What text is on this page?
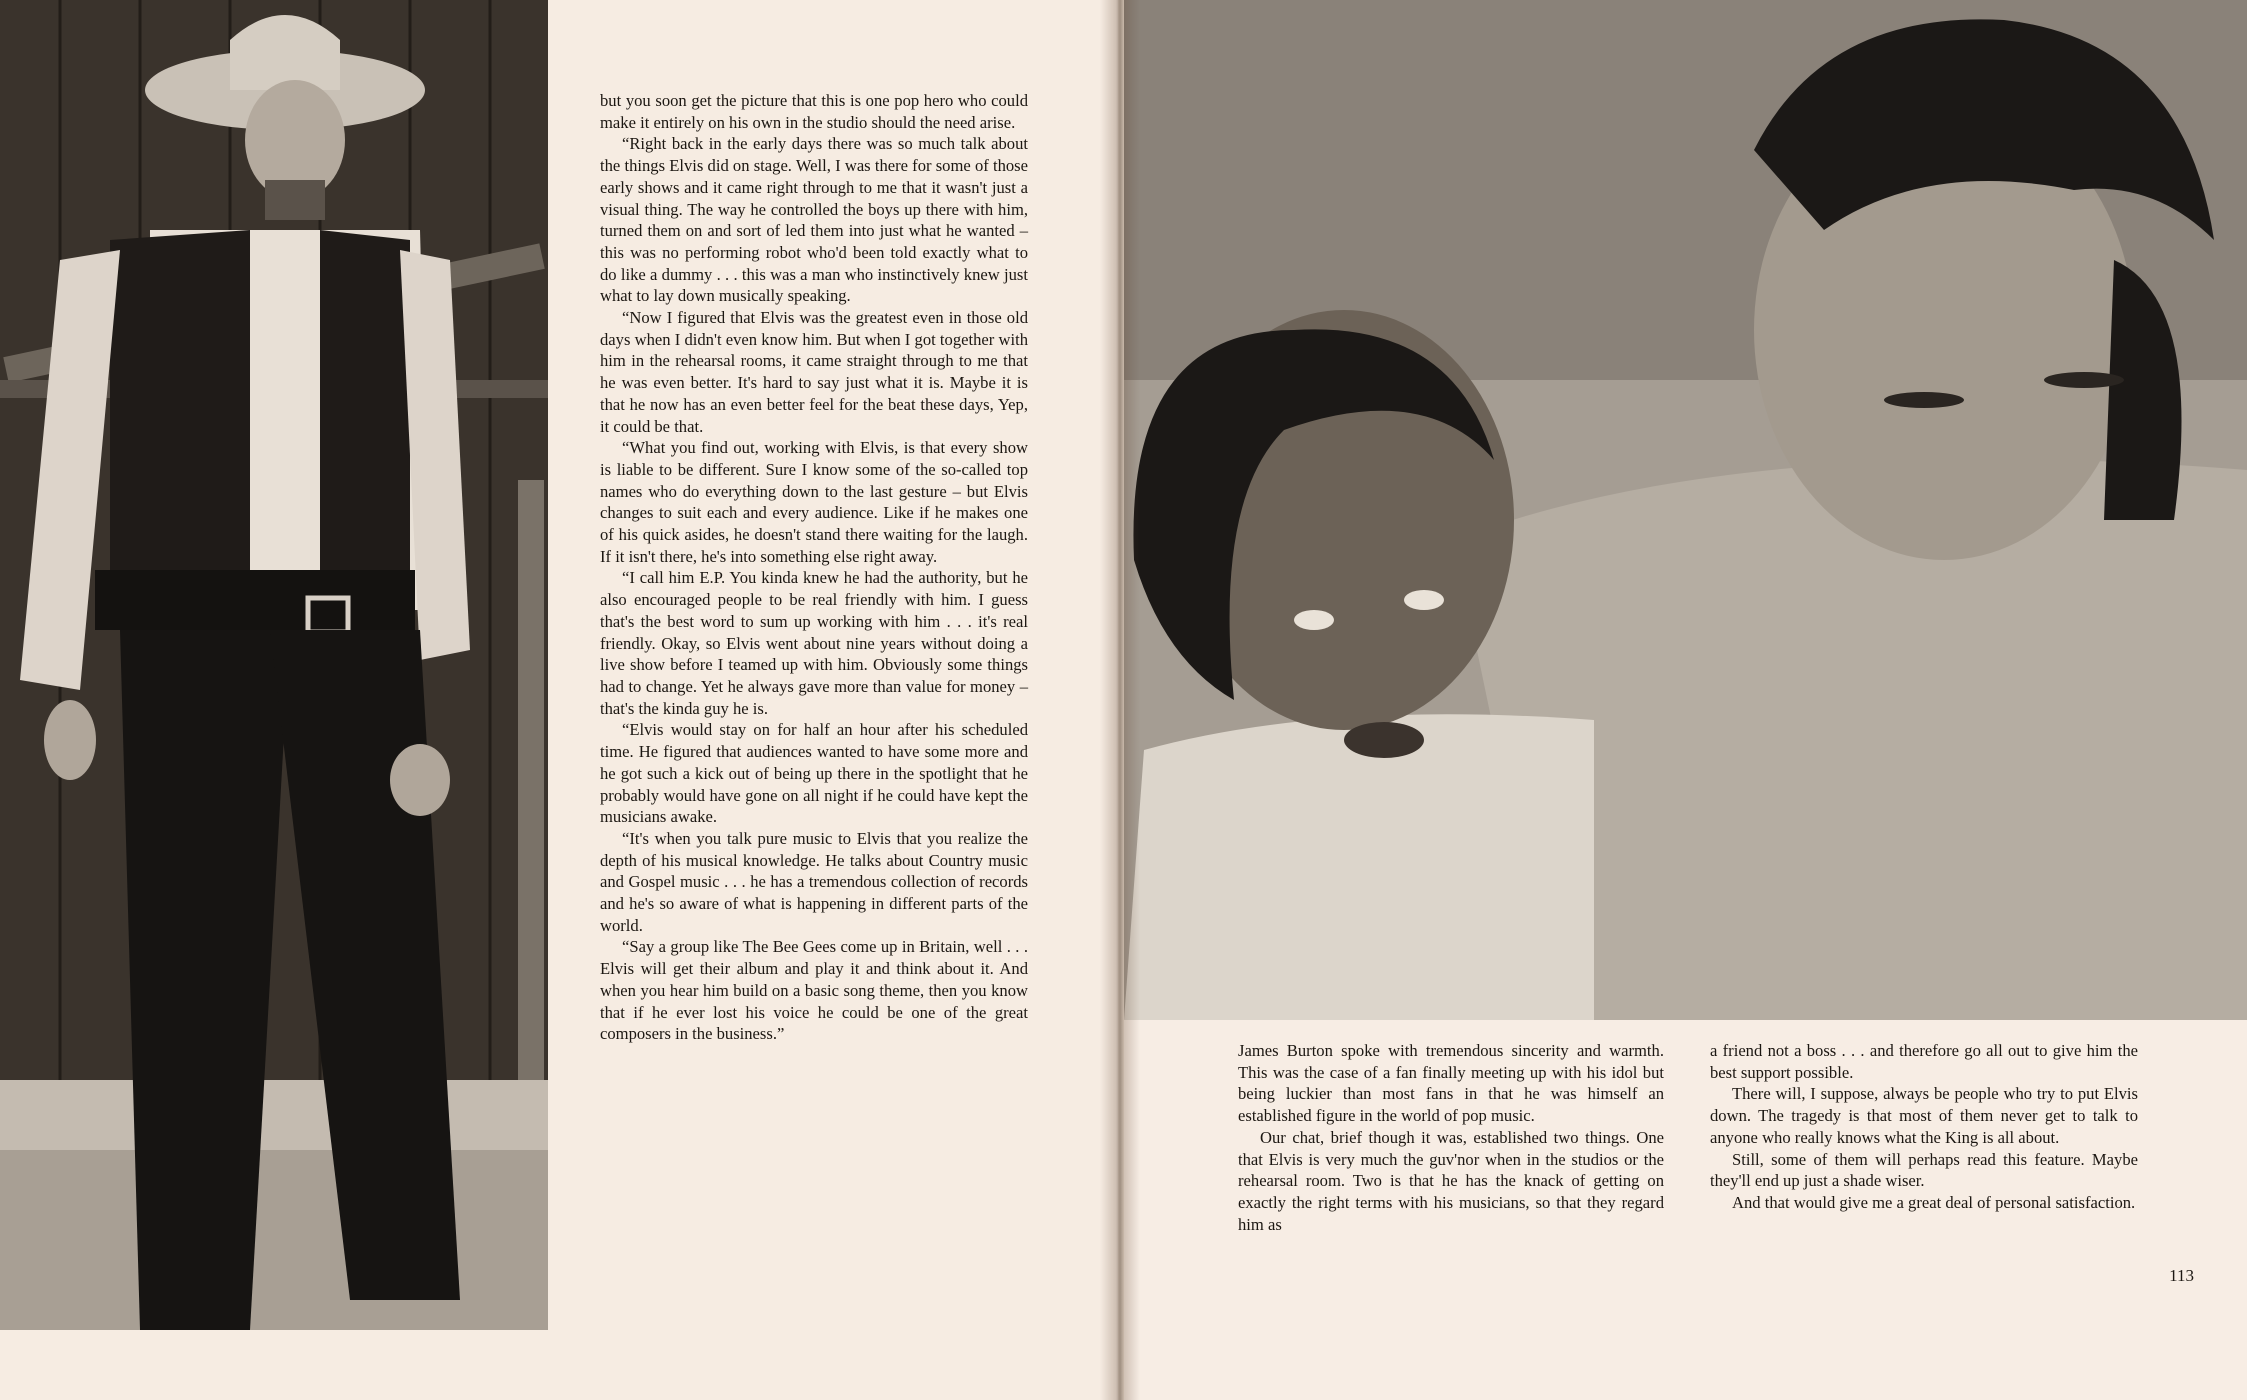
but you soon get the picture that this is one pop hero who could make it entirely on his own in the studio should the need arise.

“Right back in the early days there was so much talk about the things Elvis did on stage. Well, I was there for some of those early shows and it came right through to me that it wasn't just a visual thing. The way he controlled the boys up there with him, turned them on and sort of led them into just what he wanted – this was no performing robot who'd been told exactly what to do like a dummy . . . this was a man who instinctively knew just what to lay down musically speaking.

“Now I figured that Elvis was the greatest even in those old days when I didn't even know him. But when I got together with him in the rehearsal rooms, it came straight through to me that he was even better. It's hard to say just what it is. Maybe it is that he now has an even better feel for the beat these days, Yep, it could be that.

“What you find out, working with Elvis, is that every show is liable to be different. Sure I know some of the so-called top names who do everything down to the last gesture – but Elvis changes to suit each and every audience. Like if he makes one of his quick asides, he doesn't stand there waiting for the laugh. If it isn't there, he's into something else right away.

“I call him E.P. You kinda knew he had the authority, but he also encouraged people to be real friendly with him. I guess that's the best word to sum up working with him . . . it's real friendly. Okay, so Elvis went about nine years without doing a live show before I teamed up with him. Obviously some things had to change. Yet he always gave more than value for money – that's the kinda guy he is.

“Elvis would stay on for half an hour after his scheduled time. He figured that audiences wanted to have some more and he got such a kick out of being up there in the spotlight that he probably would have gone on all night if he could have kept the musicians awake.

“It's when you talk pure music to Elvis that you realize the depth of his musical knowledge. He talks about Country music and Gospel music . . . he has a tremendous collection of records and he's so aware of what is happening in different parts of the world.

“Say a group like The Bee Gees come up in Britain, well . . . Elvis will get their album and play it and think about it. And when you hear him build on a basic song theme, then you know that if he ever lost his voice he could be one of the great composers in the business.”

James Burton spoke with tremendous sincerity and warmth. This was the case of a fan finally meeting up with his idol but being luckier than most fans in that he was himself an established figure in the world of pop music.

Our chat, brief though it was, established two things. One that Elvis is very much the guv'nor when in the studios or the rehearsal room. Two is that he has the knack of getting on exactly the right terms with his musicians, so that they regard him as

a friend not a boss . . . and therefore go all out to give him the best support possible.

There will, I suppose, always be people who try to put Elvis down. The tragedy is that most of them never get to talk to anyone who really knows what the King is all about.

Still, some of them will perhaps read this feature. Maybe they'll end up just a shade wiser.

And that would give me a great deal of personal satisfaction.

113
